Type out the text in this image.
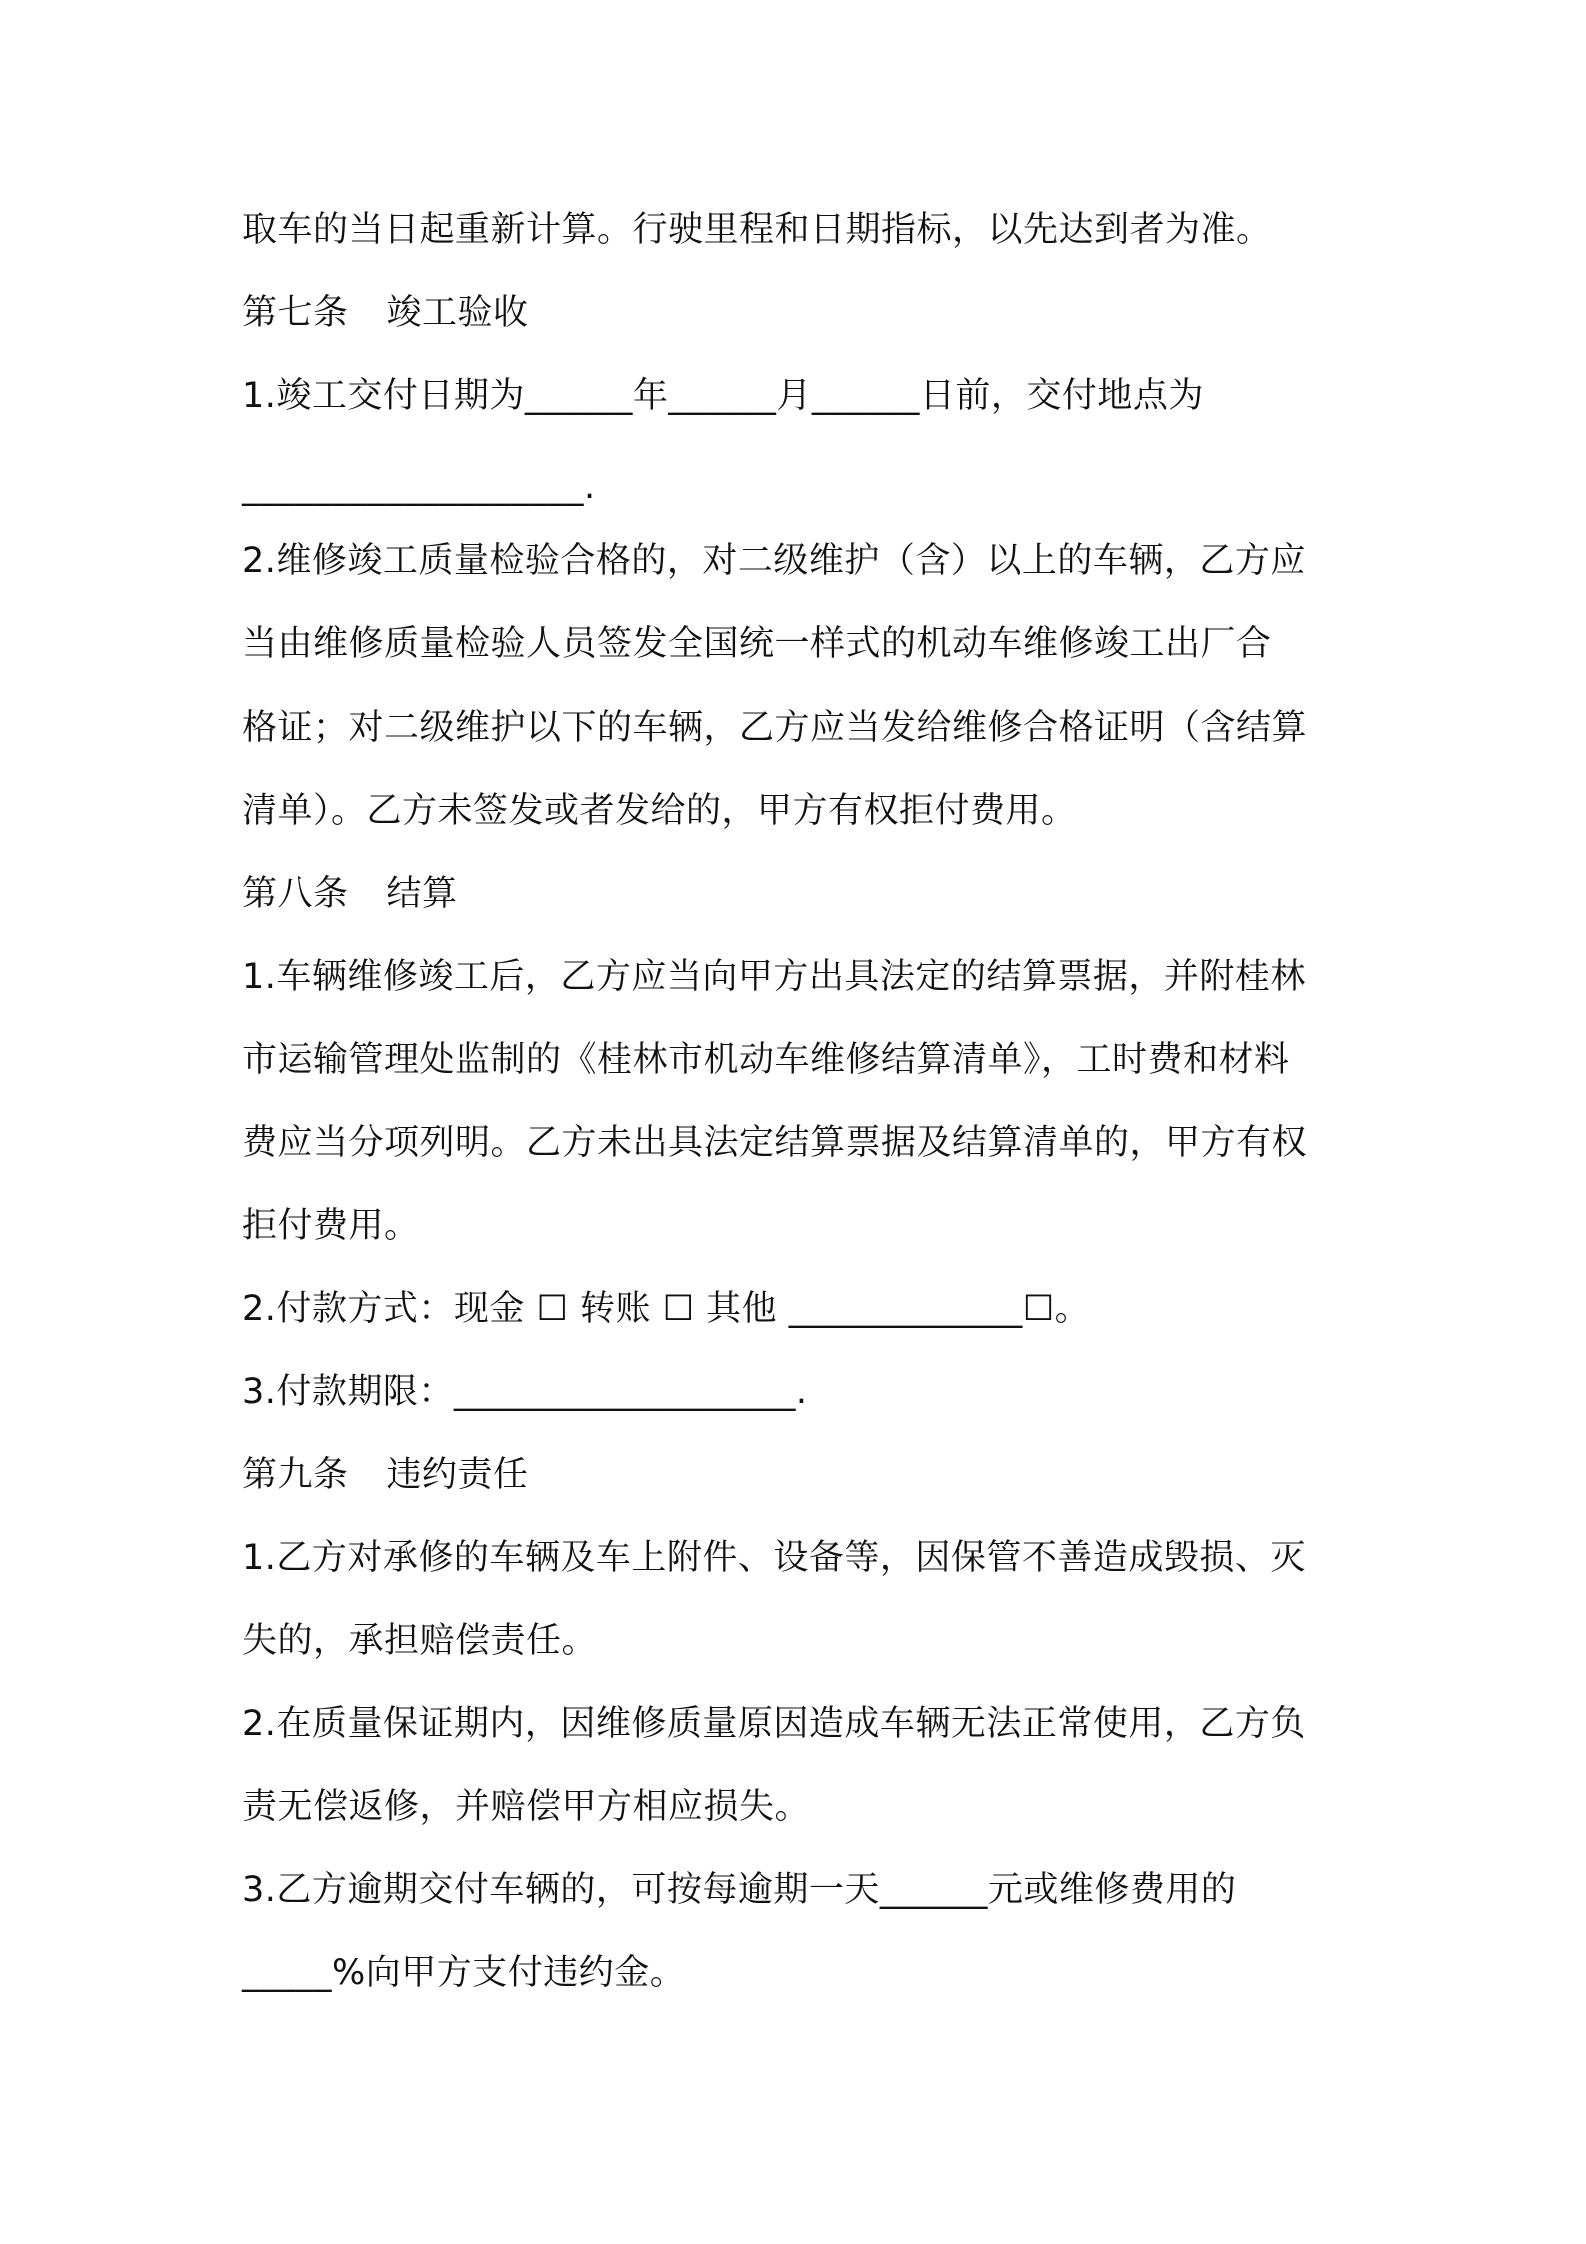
取车的当日起重新计算。行驶里程和日期指标，以先达到者为准。
第七条 竣工验收
1.竣工交付日期为______年______月______日前，交付地点为
___________________.
2.维修竣工质量检验合格的，对二级维护（含）以上的车辆，乙方应
当由维修质量检验人员签发全国统一样式的机动车维修竣工出厂合
格证；对二级维护以下的车辆，乙方应当发给维修合格证明（含结算
清单）。乙方未签发或者发给的，甲方有权拒付费用。
第八条 结算
1.车辆维修竣工后，乙方应当向甲方出具法定的结算票据，并附桂林
市运输管理处监制的《桂林市机动车维修结算清单》，工时费和材料
费应当分项列明。乙方未出具法定结算票据及结算清单的，甲方有权
拒付费用。
2.付款方式：现金 ☐ 转账 ☐ 其他 _____________☐。
3.付款期限：___________________.
第九条 违约责任
1.乙方对承修的车辆及车上附件、设备等，因保管不善造成毁损、灭
失的，承担赔偿责任。
2.在质量保证期内，因维修质量原因造成车辆无法正常使用，乙方负
责无偿返修，并赔偿甲方相应损失。
3.乙方逾期交付车辆的，可按每逾期一天______元或维修费用的
_____%向甲方支付违约金。
